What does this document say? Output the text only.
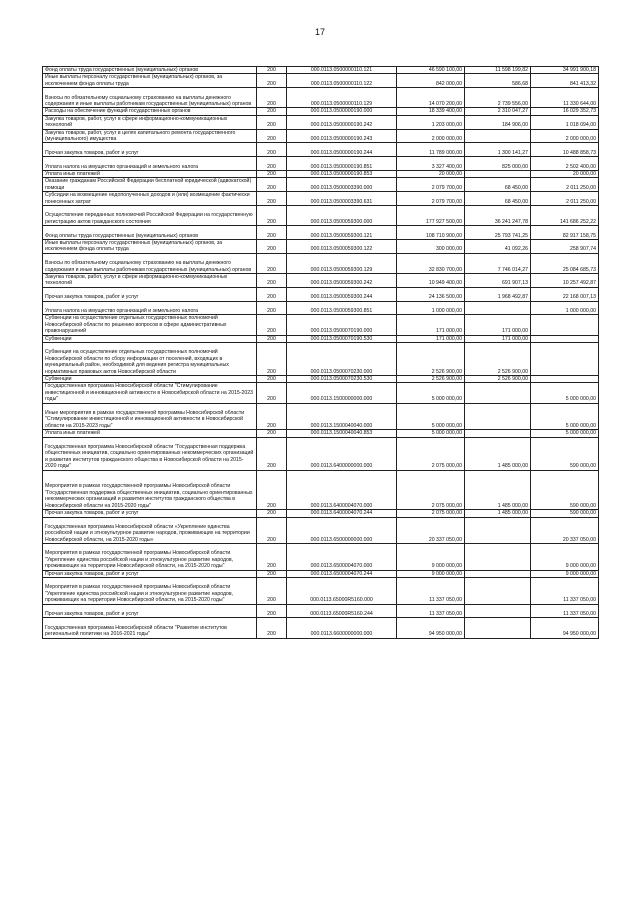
17
Фонд оплаты труда государственных (муниципальных) органов	200	000.0113.0500000110.121	46 590 100,00	11 598 199,82	34 991 900,18
Иные выплаты персоналу государственных (муниципальных) органов, за исключением фонда оплаты труда	200	000.0113.0500000110.122	842 000,00	586,68	841 413,32
Взносы по обязательному социальному страхованию на выплаты денежного содержания и иные выплаты работникам государственных (муниципальных) органов	200	000.0113.0500000110.129	14 070 200,00	2 739 556,00	11 330 644,00
Расходы на обеспечение функций государственных органов	200	000.0113.0500000190.000	18 339 400,00	2 310 047,27	16 029 352,73
Закупка товаров, работ, услуг в сфере информационно-коммуникационных технологий	200	000.0113.0500000190.242	1 203 000,00	184 906,00	1 018 094,00
Закупка товаров, работ, услуг в целях капитального ремонта государственного (муниципального) имущества	200	000.0113.0500000190.243	2 000 000,00		2 000 000,00
Прочая закупка товаров, работ и услуг	200	000.0113.0500000190.244	11 789 000,00	1 300 141,27	10 488 858,73
Уплата налога на имущество организаций и земельного налога	200	000.0113.0500000190.851	3 327 400,00	825 000,00	2 502 400,00
Уплата иных платежей	200	000.0113.0500000190.853	20 000,00		20 000,00
Оказание гражданам Российской Федерации бесплатной юридической (адвокатской) помощи	200	000.0113.0500003390.000	2 079 700,00	68 450,00	2 011 250,00
Субсидии на возмещение недополученных доходов и (или) возмещение фактически понесенных затрат	200	000.0113.0500003390.631	2 079 700,00	68 450,00	2 011 250,00
Осуществление переданных полномочий Российской Федерации на государственную регистрацию актов гражданского состояния	200	000.0113.0500059300.000	177 927 500,00	36 241 247,78	141 686 252,22
Фонд оплаты труда государственных (муниципальных) органов	200	000.0113.0500059300.121	108 710 900,00	25 793 741,25	82 917 158,75
Иные выплаты персоналу государственных (муниципальных) органов, за исключением фонда оплаты труда	200	000.0113.0500059300.122	300 000,00	41 092,26	258 907,74
Взносы по обязательному социальному страхованию на выплаты денежного содержания и иные выплаты работникам государственных (муниципальных) органов	200	000.0113.0500059300.129	32 830 700,00	7 746 014,27	25 084 685,73
Закупка товаров, работ, услуг в сфере информационно-коммуникационных технологий	200	000.0113.0500059300.242	10 949 400,00	691 907,13	10 257 492,87
Прочая закупка товаров, работ и услуг	200	000.0113.0500059300.244	24 136 500,00	1 968 492,87	22 168 007,13
Уплата налога на имущество организаций и земельного налога	200	000.0113.0500059300.851	1 000 000,00		1 000 000,00
Субвенции на осуществление отдельных государственных полномочий Новосибирской области по решению вопросов в сфере административных правонарушений	200	000.0113.0500070190.000	171 000,00	171 000,00	
Субвенции	200	000.0113.0500070190.530	171 000,00	171 000,00	
Субвенция на осуществление отдельных государственных полномочий Новосибирской области по сбору информации от поселений, входящих в муниципальный район, необходимой для ведения регистра муниципальных нормативных правовых актов Новосибирской области	200	000.0113.0500070230.000	2 526 900,00	2 526 900,00	
Субвенции	200	000.0113.0500070230.530	2 526 900,00	2 526 900,00	
Государственная программа Новосибирской области "Стимулирование инвестиционной и инновационной активности в Новосибирской области на 2015-2023 годы"	200	000.0113.1500000000.000	5 000 000,00		5 000 000,00
Иные мероприятия в рамках государственной программы Новосибирской области "Стимулирование инвестиционной и инновационной активности в Новосибирской области на 2015-2023 годы"	200	000.0113.1500040040.000	5 000 000,00		5 000 000,00
Уплата иных платежей	200	000.0113.1500040040.853	5 000 000,00		5 000 000,00
Государственная программа Новосибирской области "Государственная поддержка общественных инициатив, социально ориентированных некоммерческих организаций и развития институтов гражданского общества в Новосибирской области на 2015-2020 годы"	200	000.0113.6400000000.000	2 075 000,00	1 485 000,00	590 000,00
Мероприятия в рамках государственной программы Новосибирской области "Государственная поддержка общественных инициатив, социально ориентированных некоммерческих организаций и развития институтов гражданского общества в Новосибирской области на 2015-2020 годы"	200	000.0113.6400004070.000	2 075 000,00	1 485 000,00	590 000,00
Прочая закупка товаров, работ и услуг	200	000.0113.6400004070.244	2 075 000,00	1 485 000,00	590 000,00
Государственная программа Новосибирской области «Укрепление единства российской нации и этнокультурное развитие народов, проживающих на территории Новосибирской области, на 2015-2020 годы»	200	000.0113.6500000000.000	20 337 050,00		20 337 050,00
Мероприятия в рамках государственной программы Новосибирской области "Укрепление единства российской нации и этнокультурное развитие народов, проживающих на территории Новосибирской области, на 2015-2020 годы"	200	000.0113.6500004070.000	9 000 000,00		9 000 000,00
Прочая закупка товаров, работ и услуг	200	000.0113.6500004070.244	9 000 000,00		9 000 000,00
Мероприятия в рамках государственной программы Новосибирской области "Укрепление единства российской нации и этнокультурное развитие народов, проживающих на территории Новосибирской области, на 2015-2020 годы"	200	000.0113.65000R5160.000	11 337 050,00		11 337 050,00
Прочая закупка товаров, работ и услуг	200	000.0113.65000R5160.244	11 337 050,00		11 337 050,00
Государственная программа Новосибирской области "Развитие институтов региональной политики на 2016-2021 годы"	200	000.0113.6600000000.000	94 950 000,00		94 950 000,00
